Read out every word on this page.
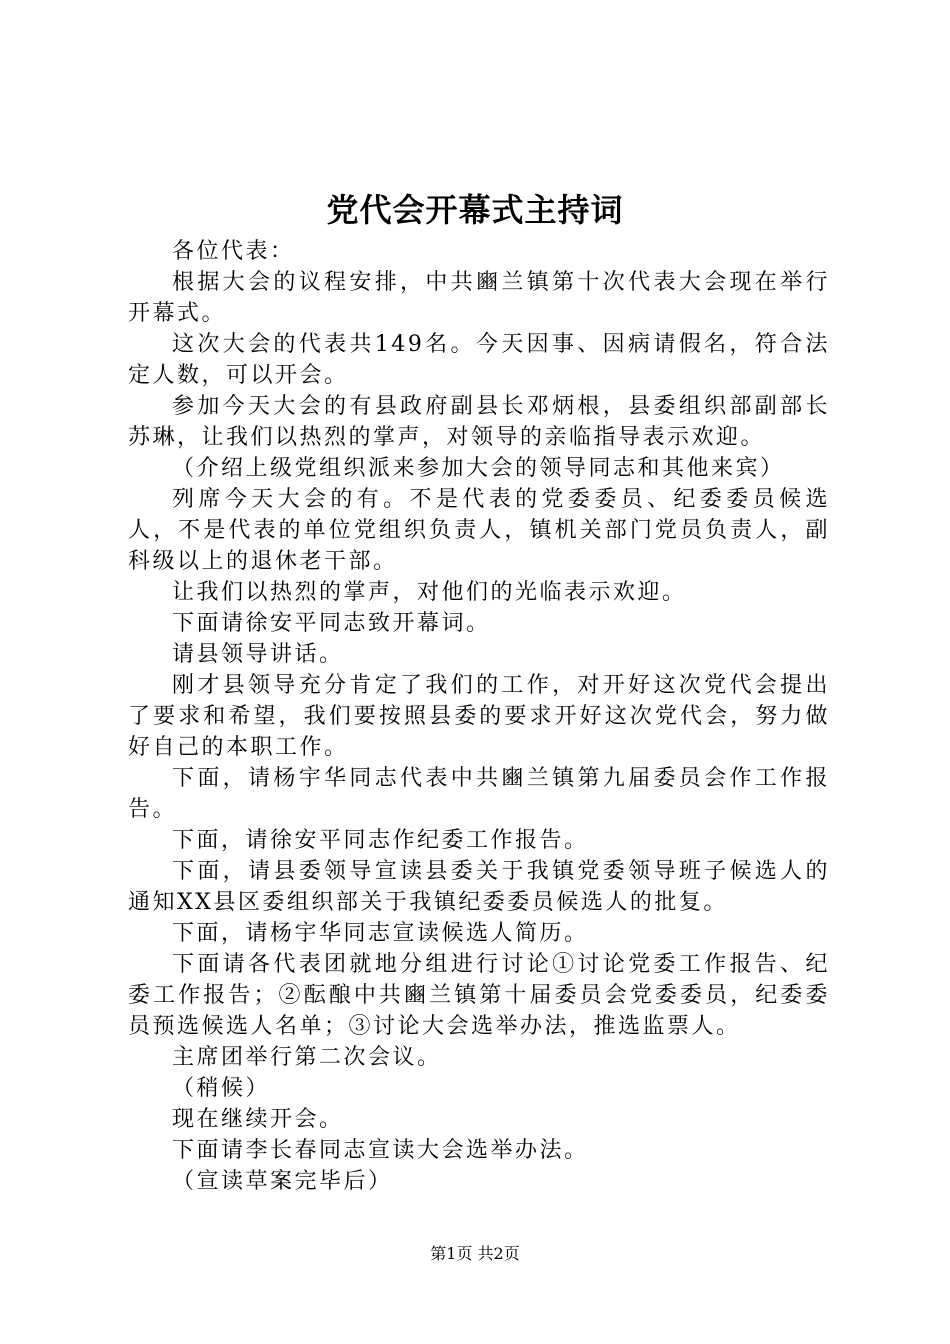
党代会开幕式主持词

各位代表：

根据大会的议程安排，中共豳兰镇第十次代表大会现在举行开幕式。

这次大会的代表共149名。今天因事、因病请假名，符合法定人数，可以开会。

参加今天大会的有县政府副县长邓炳根，县委组织部副部长苏琳，让我们以热烈的掌声，对领导的亲临指导表示欢迎。

（介绍上级党组织派来参加大会的领导同志和其他来宾）

列席今天大会的有。不是代表的党委委员、纪委委员候选人，不是代表的单位党组织负责人，镇机关部门党员负责人，副科级以上的退休老干部。

让我们以热烈的掌声，对他们的光临表示欢迎。

下面请徐安平同志致开幕词。

请县领导讲话。

刚才县领导充分肯定了我们的工作，对开好这次党代会提出了要求和希望，我们要按照县委的要求开好这次党代会，努力做好自己的本职工作。

下面，请杨宇华同志代表中共豳兰镇第九届委员会作工作报告。

下面，请徐安平同志作纪委工作报告。

下面，请县委领导宣读县委关于我镇党委领导班子候选人的通知XX县区委组织部关于我镇纪委委员候选人的批复。

下面，请杨宇华同志宣读候选人简历。

下面请各代表团就地分组进行讨论①讨论党委工作报告、纪委工作报告；②酝酿中共豳兰镇第十届委员会党委委员，纪委委员预选候选人名单；③讨论大会选举办法，推选监票人。

主席团举行第二次会议。

（稍候）

现在继续开会。

下面请李长春同志宣读大会选举办法。

（宣读草案完毕后）

第1页 共2页
